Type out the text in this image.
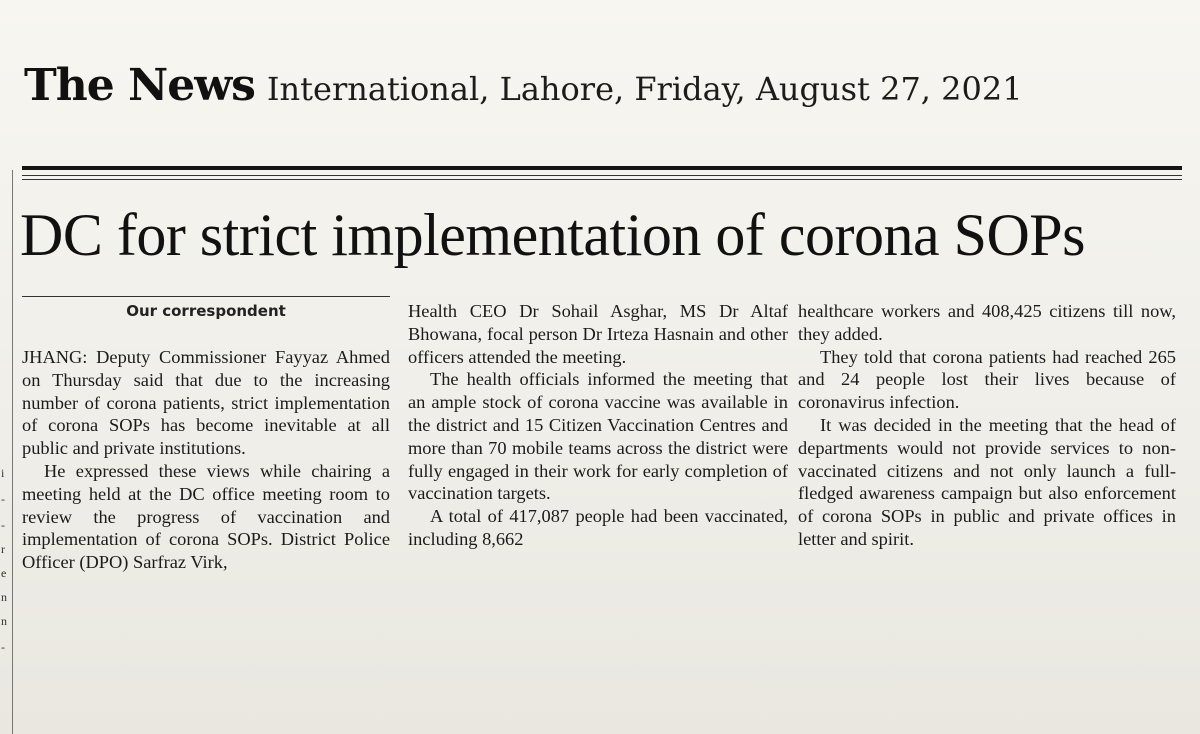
The News International, Lahore, Friday, August 27, 2021
i
-
-
r
e
n
n
-
DC for strict implementation of corona SOPs
Our correspondent

JHANG: Deputy Commissioner Fayyaz Ahmed on Thursday said that due to the increasing number of corona patients, strict implementation of corona SOPs has become inevitable at all public and private institutions.

He expressed these views while chairing a meeting held at the DC office meeting room to review the progress of vaccination and implementation of corona SOPs. District Police Officer (DPO) Sarfraz Virk,

Health CEO Dr Sohail Asghar, MS Dr Altaf Bhowana, focal person Dr Irteza Hasnain and other officers attended the meeting.

The health officials informed the meeting that an ample stock of corona vaccine was available in the district and 15 Citizen Vaccination Centres and more than 70 mobile teams across the district were fully engaged in their work for early completion of vaccination targets.

A total of 417,087 people had been vaccinated, including 8,662

healthcare workers and 408,425 citizens till now, they added.

They told that corona patients had reached 265 and 24 people lost their lives because of coronavirus infection.

It was decided in the meeting that the head of departments would not provide services to non-vaccinated citizens and not only launch a full-fledged awareness campaign but also enforcement of corona SOPs in public and private offices in letter and spirit.
